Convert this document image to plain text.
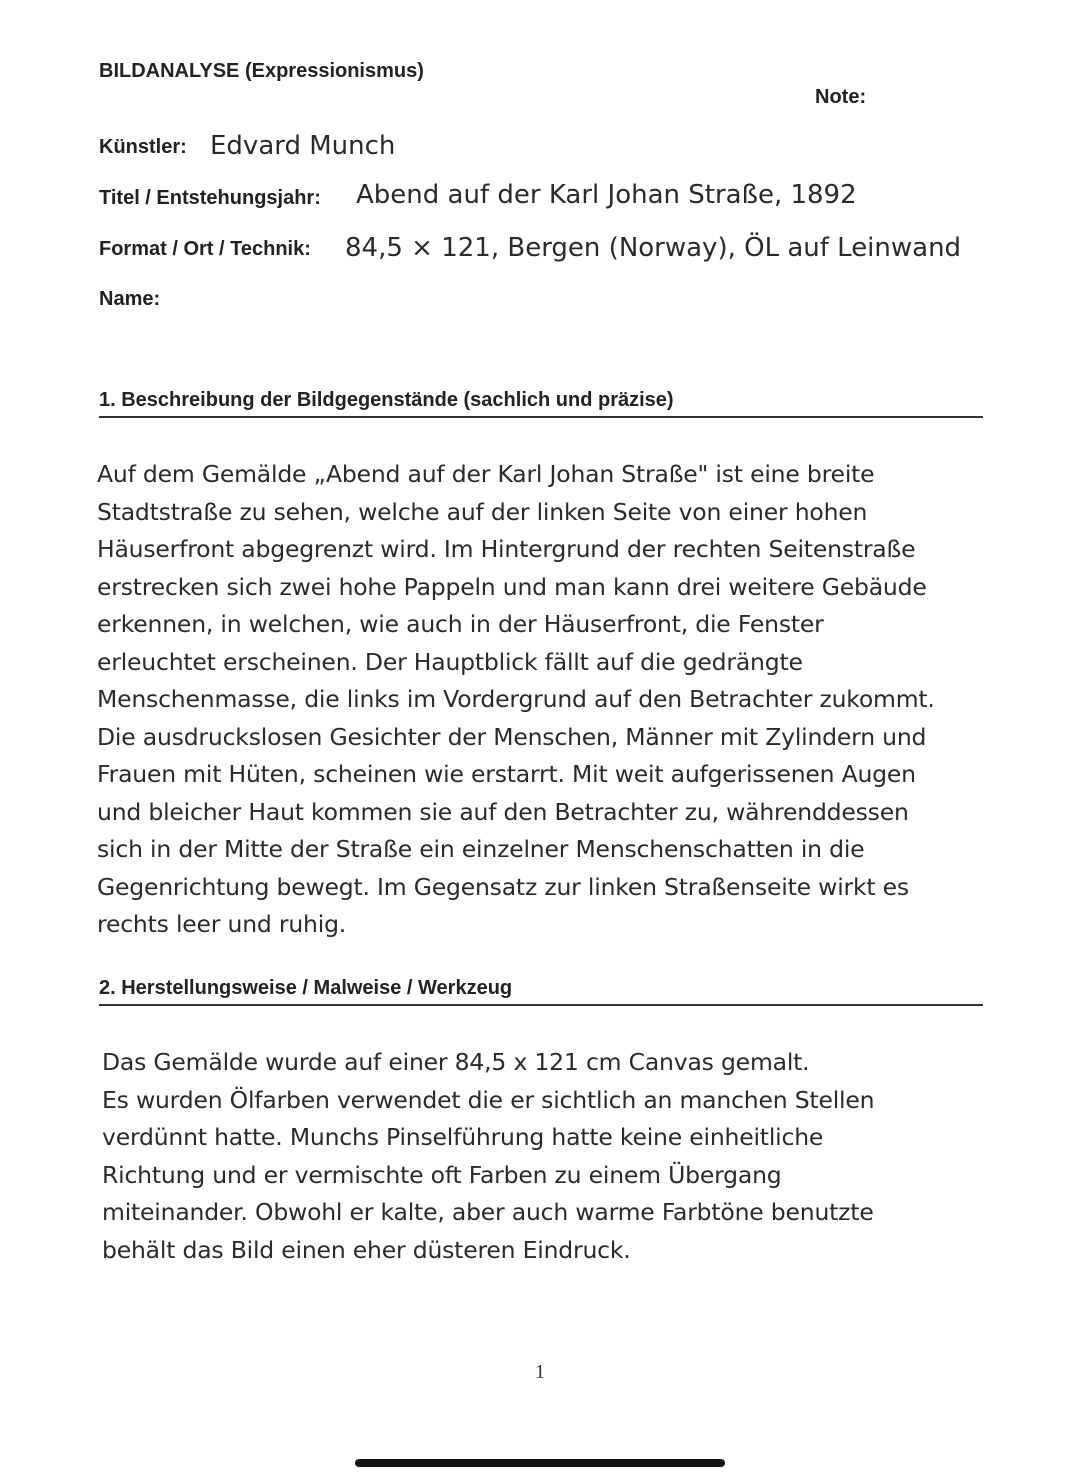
BILDANALYSE (Expressionismus)
Note:
Künstler: Edvard Munch
Titel / Entstehungsjahr: Abend auf der Karl Johan Straße, 1892
Format / Ort / Technik: 84,5 × 121, Bergen (Norway), ÖL auf Leinwand
Name:
1. Beschreibung der Bildgegenstände (sachlich und präzise)
Auf dem Gemälde „Abend auf der Karl Johan Straße" ist eine breite
Stadtstraße zu sehen, welche auf der linken Seite von einer hohen
Häuserfront abgegrenzt wird. Im Hintergrund der rechten Seitenstraße
erstrecken sich zwei hohe Pappeln und man kann drei weitere Gebäude
erkennen, in welchen, wie auch in der Häuserfront, die Fenster
erleuchtet erscheinen. Der Hauptblick fällt auf die gedrängte
Menschenmasse, die links im Vordergrund auf den Betrachter zukommt.
Die ausdruckslosen Gesichter der Menschen, Männer mit Zylindern und
Frauen mit Hüten, scheinen wie erstarrt. Mit weit aufgerissenen Augen
und bleicher Haut kommen sie auf den Betrachter zu, währenddessen
sich in der Mitte der Straße ein einzelner Menschenschatten in die
Gegenrichtung bewegt. Im Gegensatz zur linken Straßenseite wirkt es
rechts leer und ruhig.
2. Herstellungsweise / Malweise / Werkzeug
Das Gemälde wurde auf einer 84,5 x 121 cm Canvas gemalt.
Es wurden Ölfarben verwendet die er sichtlich an manchen Stellen
verdünnt hatte. Munchs Pinselführung hatte keine einheitliche
Richtung und er vermischte oft Farben zu einem Übergang
miteinander. Obwohl er kalte, aber auch warme Farbtöne benutzte
behält das Bild einen eher düsteren Eindruck.
1
